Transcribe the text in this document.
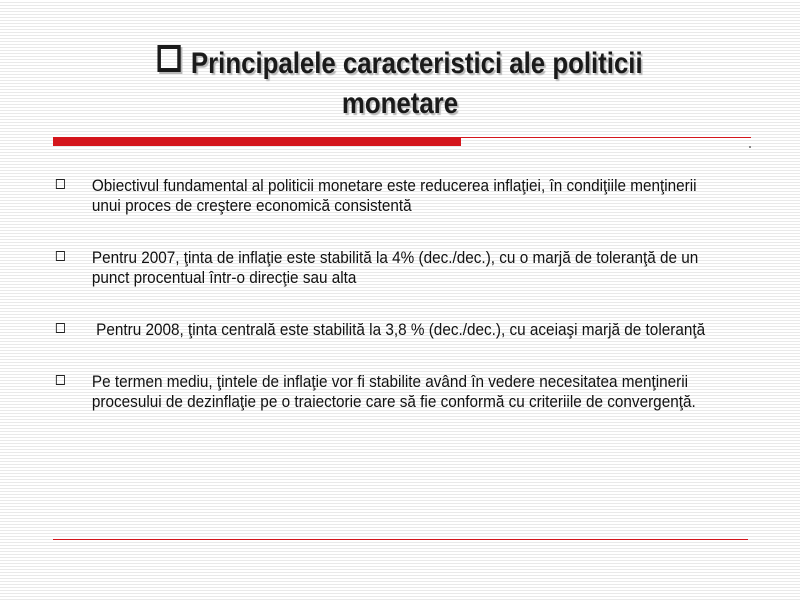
Principalele caracteristici ale politicii monetare
Obiectivul fundamental al politicii monetare este reducerea inflaţiei, în condiţiile menţinerii unui proces de creştere economică consistentă
Pentru 2007, ţinta de inflaţie este stabilită la 4% (dec./dec.), cu o marjă de toleranţă de un punct procentual într-o direcţie sau alta
Pentru 2008, ţinta centrală este stabilită la 3,8 % (dec./dec.), cu aceiaşi marjă de toleranţă
Pe termen mediu, ţintele de inflaţie vor fi stabilite având în vedere necesitatea menţinerii procesului de dezinflaţie pe o traiectorie care să fie conformă cu criteriile de convergenţă.
